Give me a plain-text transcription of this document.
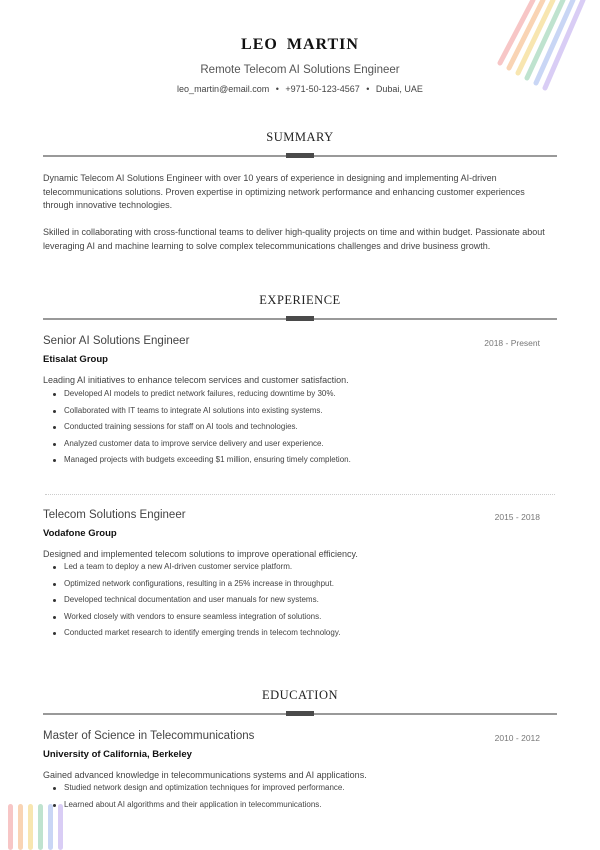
LEO MARTIN
Remote Telecom AI Solutions Engineer
leo_martin@email.com • +971-50-123-4567 • Dubai, UAE
SUMMARY
Dynamic Telecom AI Solutions Engineer with over 10 years of experience in designing and implementing AI-driven telecommunications solutions. Proven expertise in optimizing network performance and enhancing customer experiences through innovative technologies.
Skilled in collaborating with cross-functional teams to deliver high-quality projects on time and within budget. Passionate about leveraging AI and machine learning to solve complex telecommunications challenges and drive business growth.
EXPERIENCE
Senior AI Solutions Engineer	2018 - Present
Etisalat Group
Leading AI initiatives to enhance telecom services and customer satisfaction.
Developed AI models to predict network failures, reducing downtime by 30%.
Collaborated with IT teams to integrate AI solutions into existing systems.
Conducted training sessions for staff on AI tools and technologies.
Analyzed customer data to improve service delivery and user experience.
Managed projects with budgets exceeding $1 million, ensuring timely completion.
Telecom Solutions Engineer	2015 - 2018
Vodafone Group
Designed and implemented telecom solutions to improve operational efficiency.
Led a team to deploy a new AI-driven customer service platform.
Optimized network configurations, resulting in a 25% increase in throughput.
Developed technical documentation and user manuals for new systems.
Worked closely with vendors to ensure seamless integration of solutions.
Conducted market research to identify emerging trends in telecom technology.
EDUCATION
Master of Science in Telecommunications	2010 - 2012
University of California, Berkeley
Gained advanced knowledge in telecommunications systems and AI applications.
Studied network design and optimization techniques for improved performance.
Learned about AI algorithms and their application in telecommunications.
